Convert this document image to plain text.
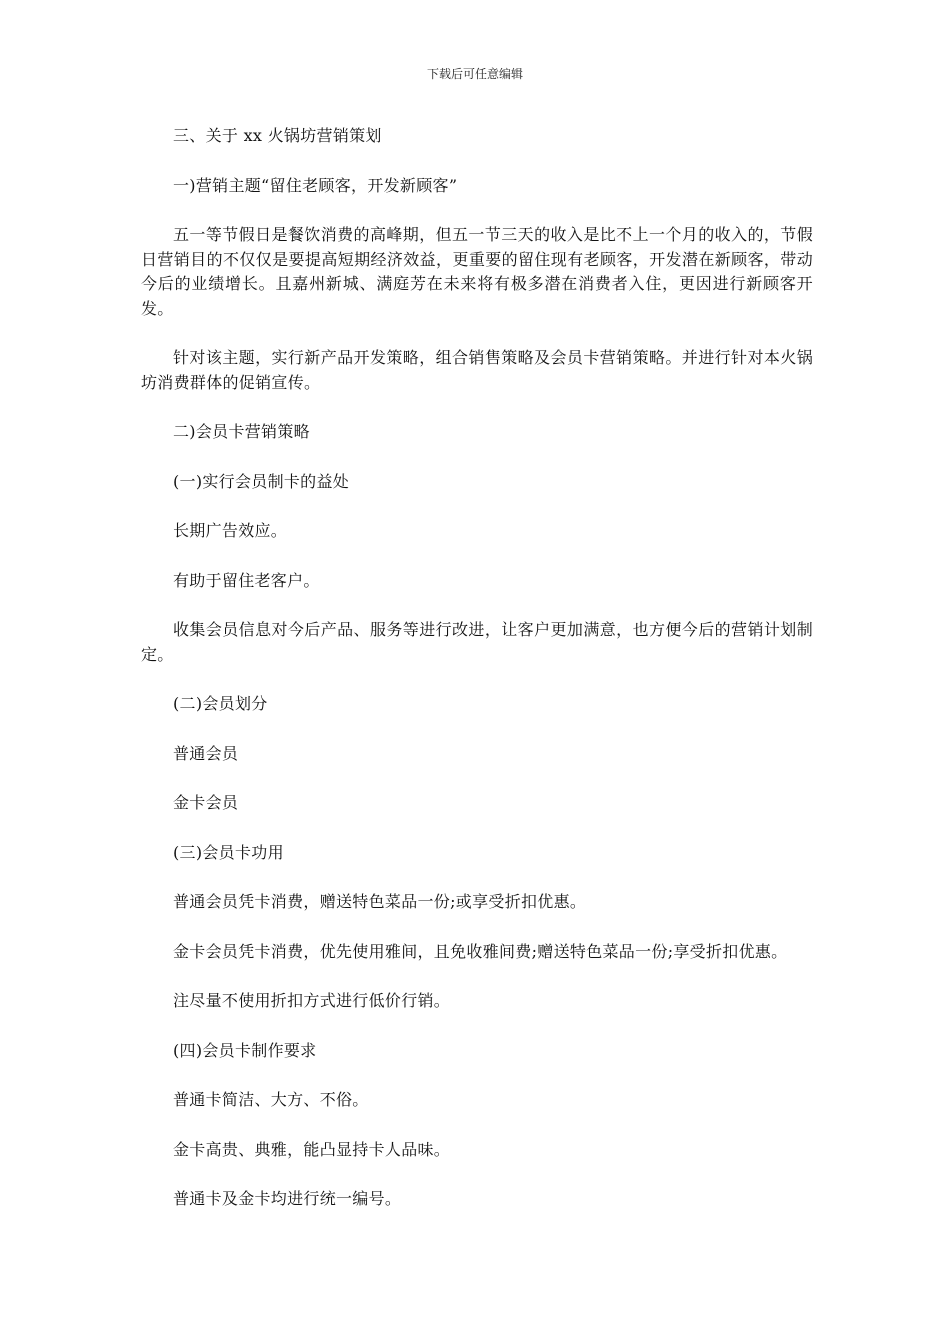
下载后可任意编辑

三、关于 xx 火锅坊营销策划

一)营销主题“留住老顾客，开发新顾客”

五一等节假日是餐饮消费的高峰期，但五一节三天的收入是比不上一个月的收入的，节假日营销目的不仅仅是要提高短期经济效益，更重要的留住现有老顾客，开发潜在新顾客，带动今后的业绩增长。且嘉州新城、满庭芳在未来将有极多潜在消费者入住，更因进行新顾客开发。

针对该主题，实行新产品开发策略，组合销售策略及会员卡营销策略。并进行针对本火锅坊消费群体的促销宣传。

二)会员卡营销策略

(一)实行会员制卡的益处

长期广告效应。

有助于留住老客户。

收集会员信息对今后产品、服务等进行改进，让客户更加满意，也方便今后的营销计划制定。

(二)会员划分

普通会员

金卡会员

(三)会员卡功用

普通会员凭卡消费，赠送特色菜品一份;或享受折扣优惠。

金卡会员凭卡消费，优先使用雅间，且免收雅间费;赠送特色菜品一份;享受折扣优惠。

注尽量不使用折扣方式进行低价行销。

(四)会员卡制作要求

普通卡简洁、大方、不俗。

金卡高贵、典雅，能凸显持卡人品味。

普通卡及金卡均进行统一编号。
